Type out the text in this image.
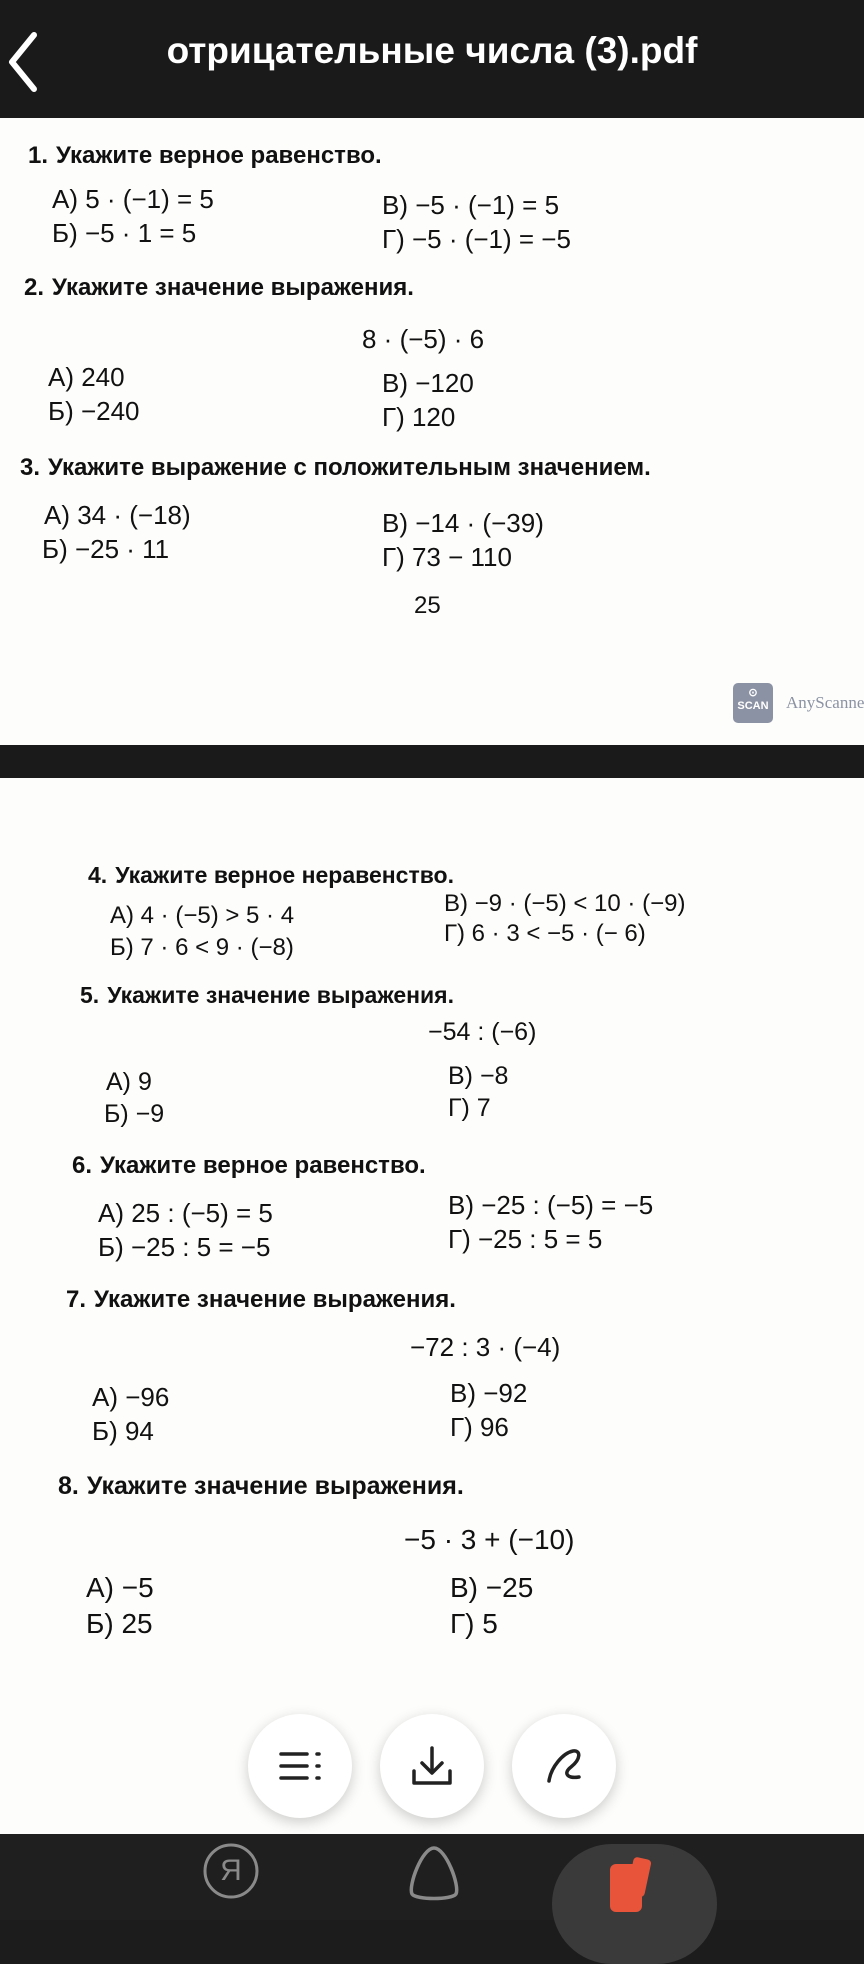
отрицательные числа (3).pdf
1. Укажите верное равенство.
А) 5 · (−1) = 5
Б) −5 · 1 = 5
В) −5 · (−1) = 5
Г) −5 · (−1) = −5
2. Укажите значение выражения.
8 · (−5) · 6
А) 240
Б) −240
В) −120
Г) 120
3. Укажите выражение с положительным значением.
А) 34 · (−18)
Б) −25 · 11
В) −14 · (−39)
Г) 73 − 110
25
⊙
SCAN AnyScanne
4. Укажите верное неравенство.
А) 4 · (−5) > 5 · 4
Б) 7 · 6 < 9 · (−8)
В) −9 · (−5) < 10 · (−9)
Г) 6 · 3 < −5 · (− 6)
5. Укажите значение выражения.
−54 : (−6)
А) 9
Б) −9
В) −8
Г) 7
6. Укажите верное равенство.
А) 25 : (−5) = 5
Б) −25 : 5 = −5
В) −25 : (−5) = −5
Г) −25 : 5 = 5
7. Укажите значение выражения.
−72 : 3 · (−4)
А) −96
Б) 94
В) −92
Г) 96
8. Укажите значение выражения.
−5 · 3 + (−10)
А) −5
Б) 25
В) −25
Г) 5
Я
